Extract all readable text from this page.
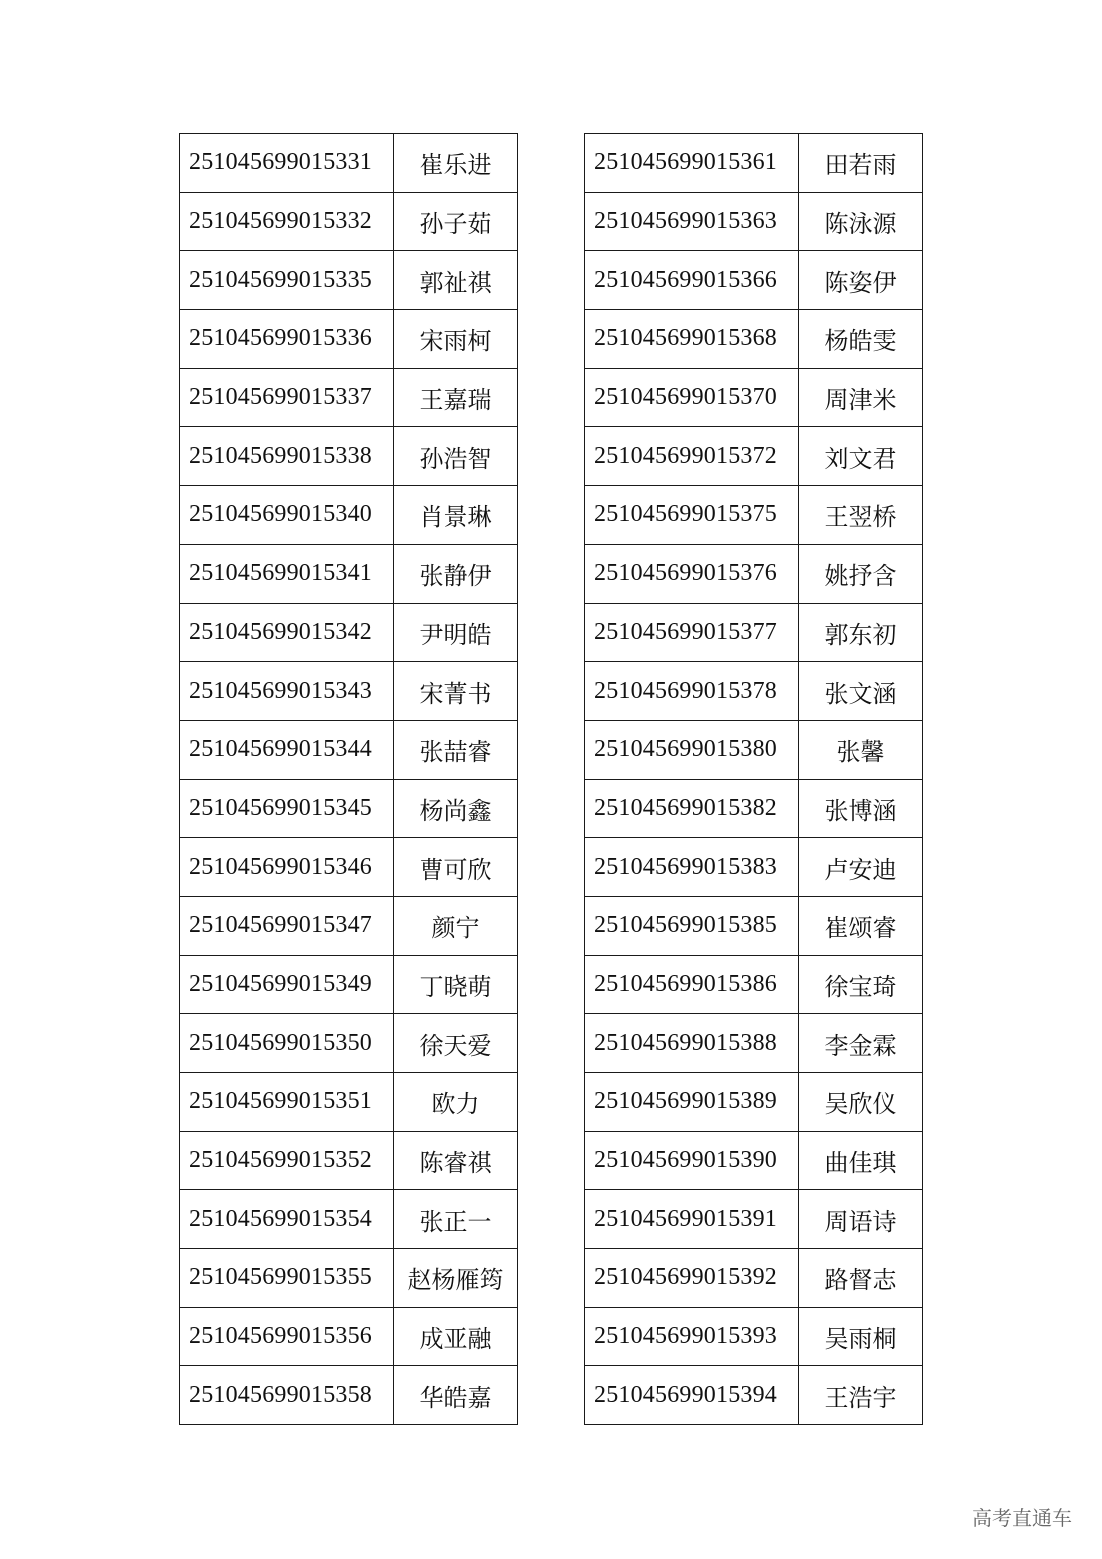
251045699015331	崔乐进
251045699015332	孙子茹
251045699015335	郭祉祺
251045699015336	宋雨柯
251045699015337	王嘉瑞
251045699015338	孙浩智
251045699015340	肖景琳
251045699015341	张静伊
251045699015342	尹明皓
251045699015343	宋菁书
251045699015344	张喆睿
251045699015345	杨尚鑫
251045699015346	曹可欣
251045699015347	颜宁
251045699015349	丁晓萌
251045699015350	徐天爱
251045699015351	欧力
251045699015352	陈睿祺
251045699015354	张正一
251045699015355	赵杨雁筠
251045699015356	成亚融
251045699015358	华皓嘉
251045699015361	田若雨
251045699015363	陈泳源
251045699015366	陈姿伊
251045699015368	杨皓雯
251045699015370	周津米
251045699015372	刘文君
251045699015375	王翌桥
251045699015376	姚抒含
251045699015377	郭东初
251045699015378	张文涵
251045699015380	张馨
251045699015382	张博涵
251045699015383	卢安迪
251045699015385	崔颂睿
251045699015386	徐宝琦
251045699015388	李金霖
251045699015389	吴欣仪
251045699015390	曲佳琪
251045699015391	周语诗
251045699015392	路督志
251045699015393	吴雨桐
251045699015394	王浩宇
高考直通车
